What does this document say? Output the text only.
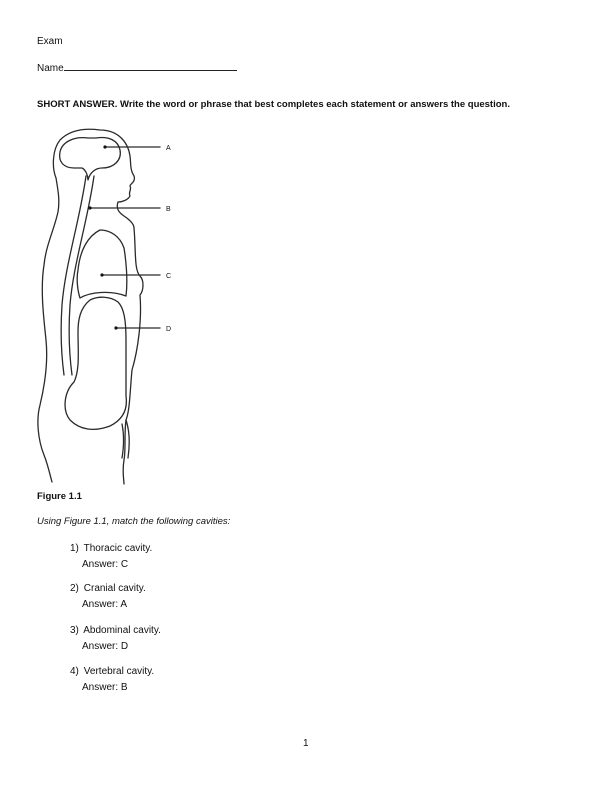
Exam
Name
SHORT ANSWER. Write the word or phrase that best completes each statement or answers the question.
A
B
C
D
Figure 1.1
Using Figure 1.1, match the following cavities:
1) Thoracic cavity.
Answer: C
2) Cranial cavity.
Answer: A
3) Abdominal cavity.
Answer: D
4) Vertebral cavity.
Answer: B
1
